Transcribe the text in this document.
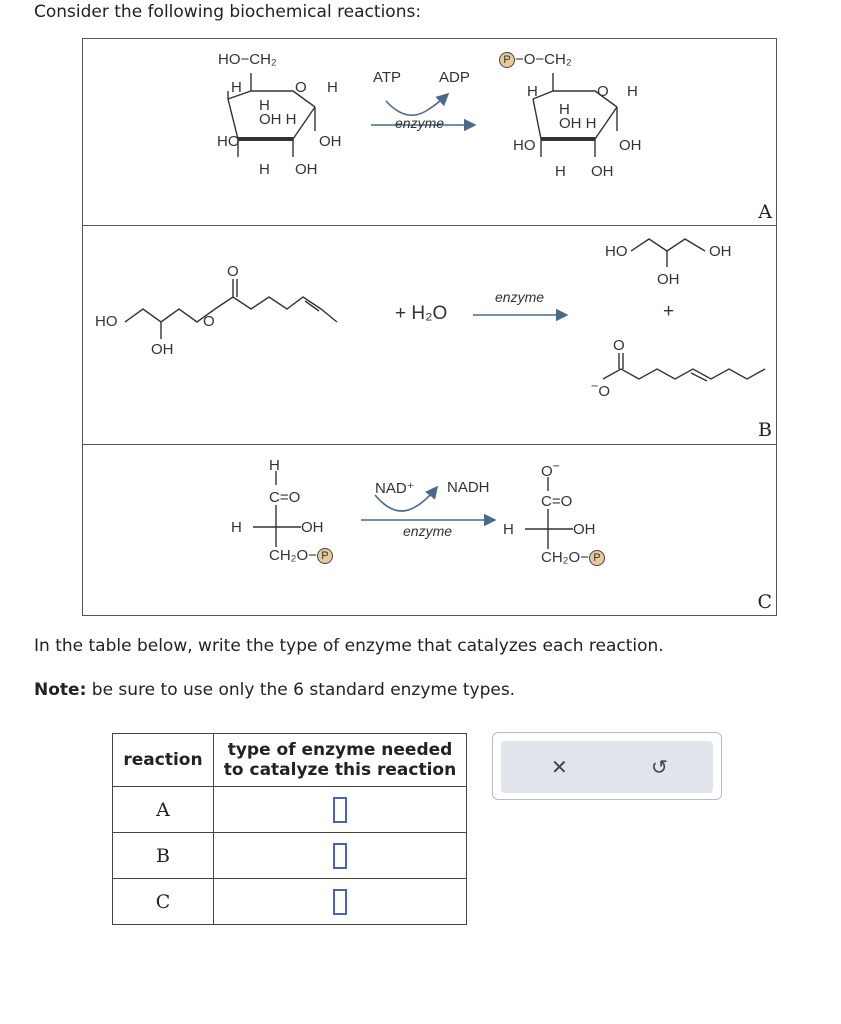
Consider the following biochemical reactions:
A
B
C
HO−CH₂
H	O H
H
OH H
HO	OH
H OH
ATP	ADP
enzyme
P −O−CH₂
H	O H
H
OH H
HO	OH
H OH
HO
OH
O
O
+ H₂O
enzyme
HO	OH
OH
+
O
−O
H
C=O
H	OH
CH₂O− P
NAD⁺ NADH
enzyme
O−
C=O
H	OH
CH₂O− P
In the table below, write the type of enzyme that catalyzes each reaction.
Note: be sure to use only the 6 standard enzyme types.
reaction	type of enzyme needed to catalyze this reaction
A	
B	
C	
✕	↺
